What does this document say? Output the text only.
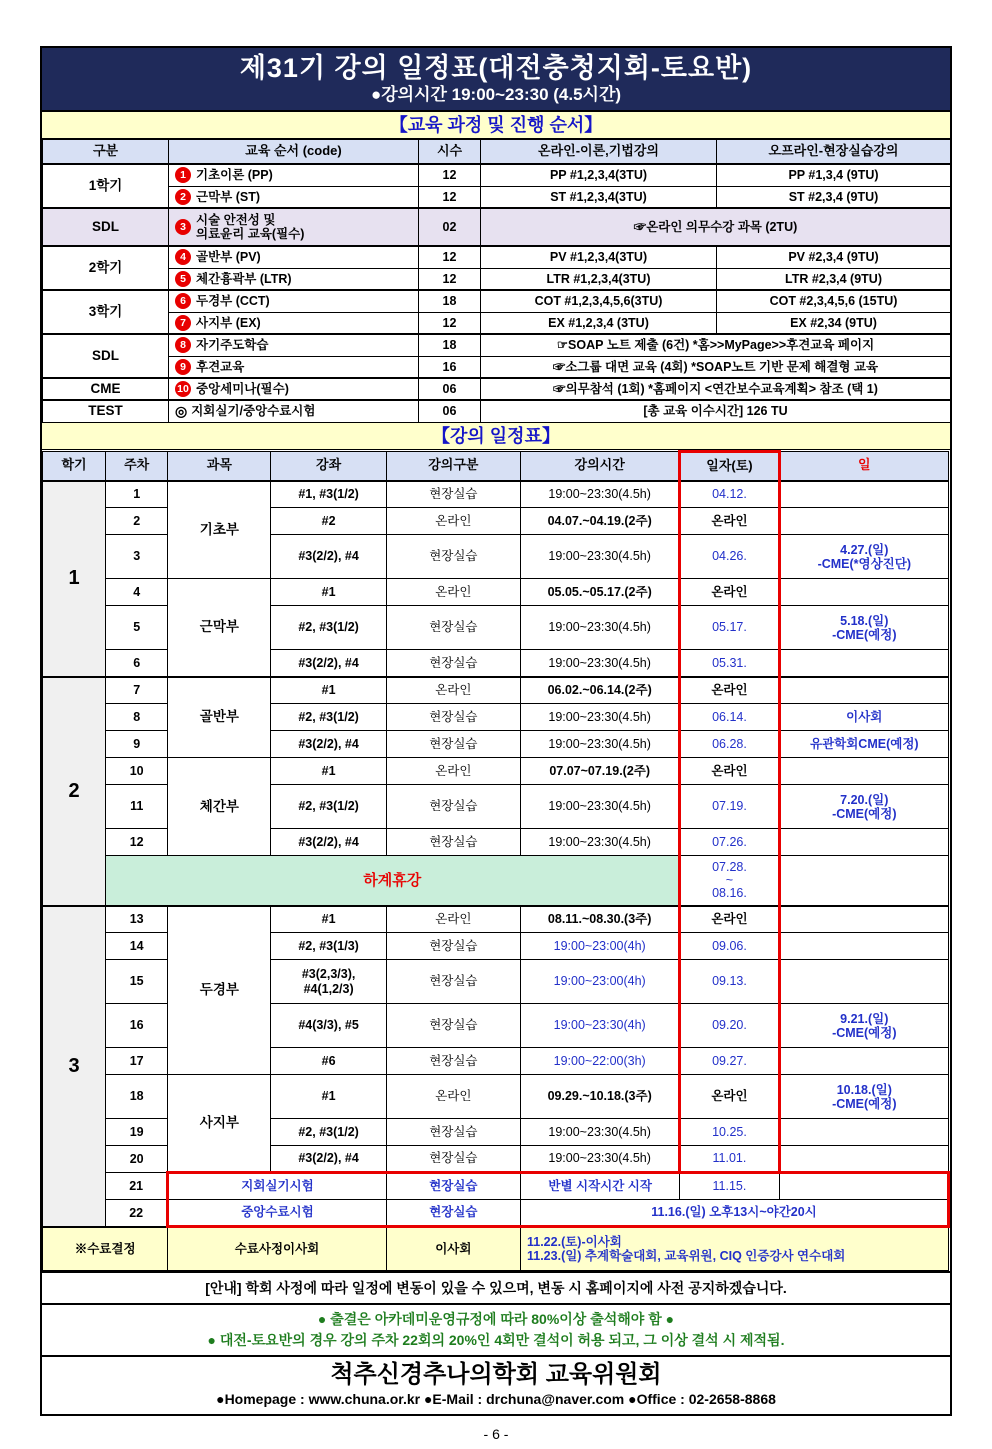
제31기 강의 일정표(대전충청지회-토요반)
●강의시간 19:00~23:30 (4.5시간)
【교육 과정 및 진행 순서】
구분	교육 순서 (code)	시수	온라인-이론,기법강의	오프라인-현장실습강의
1학기	1 기초이론 (PP)	12	PP #1,2,3,4(3TU)	PP #1,3,4 (9TU)
	2 근막부 (ST)	12	ST #1,2,3,4(3TU)	ST #2,3,4 (9TU)
SDL	3시술 안전성 및
의료윤리 교육(필수)	02	☞온라인 의무수강 과목 (2TU)	
2학기	4 골반부 (PV)	12	PV #1,2,3,4(3TU)	PV #2,3,4 (9TU)
	5 체간흉곽부 (LTR)	12	LTR #1,2,3,4(3TU)	LTR #2,3,4 (9TU)
3학기	6 두경부 (CCT)	18	COT #1,2,3,4,5,6(3TU)	COT #2,3,4,5,6 (15TU)
	7 사지부 (EX)	12	EX #1,2,3,4 (3TU)	EX #2,34 (9TU)
SDL	8 자기주도학습	18	☞SOAP 노트 제출 (6건) *홈>>MyPage>>후견교육 페이지	
	9 후견교육	16	☞소그룹 대면 교육 (4회) *SOAP노트 기반 문제 해결형 교육	
CME	10 중앙세미나(필수)	06	☞의무참석 (1회) *홈페이지 <연간보수교육계획> 참조 (택 1)	
TEST	◎ 지회실기/중앙수료시험	06	[총 교육 이수시간] 126 TU	
【강의 일정표】
학기	주차	과목	강좌	강의구분	강의시간	일자(토)	일
1	1	기초부	#1, #3(1/2)	현장실습	19:00~23:30(4.5h)	04.12.	
	2		#2	온라인	04.07.~04.19.(2주)	온라인	
	3		#3(2/2), #4	현장실습	19:00~23:30(4.5h)	04.26.	4.27.(일)
-CME(*영상진단)
	4	근막부	#1	온라인	05.05.~05.17.(2주)	온라인	
	5		#2, #3(1/2)	현장실습	19:00~23:30(4.5h)	05.17.	5.18.(일)
-CME(예정)
	6		#3(2/2), #4	현장실습	19:00~23:30(4.5h)	05.31.	
2	7	골반부	#1	온라인	06.02.~06.14.(2주)	온라인	
	8		#2, #3(1/2)	현장실습	19:00~23:30(4.5h)	06.14.	이사회
	9		#3(2/2), #4	현장실습	19:00~23:30(4.5h)	06.28.	유관학회CME(예정)
	10	체간부	#1	온라인	07.07~07.19.(2주)	온라인	
	11		#2, #3(1/2)	현장실습	19:00~23:30(4.5h)	07.19.	7.20.(일)
-CME(예정)
	12		#3(2/2), #4	현장실습	19:00~23:30(4.5h)	07.26.	
	하계휴강					07.28.
~
08.16.	
3	13	두경부	#1	온라인	08.11.~08.30.(3주)	온라인	
	14		#2, #3(1/3)	현장실습	19:00~23:00(4h)	09.06.	
	15		#3(2,3/3),
#4(1,2/3)	현장실습	19:00~23:00(4h)	09.13.	
	16		#4(3/3), #5	현장실습	19:00~23:30(4h)	09.20.	9.21.(일)
-CME(예정)
	17		#6	현장실습	19:00~22:00(3h)	09.27.	
	18	사지부	#1	온라인	09.29.~10.18.(3주)	온라인	10.18.(일)
-CME(예정)
	19		#2, #3(1/2)	현장실습	19:00~23:30(4.5h)	10.25.	
	20		#3(2/2), #4	현장실습	19:00~23:30(4.5h)	11.01.	
	21	지회실기시험		현장실습	반별 시작시간 시작	11.15.	
	22	중앙수료시험		현장실습	11.16.(일) 오후13시~야간20시		
※수료결정		수료사정이사회		이사회	11.22.(토)-이사회
11.23.(일) 추계학술대회, 교육위원, CIQ 인증강사 연수대회		
[안내] 학회 사정에 따라 일정에 변동이 있을 수 있으며, 변동 시 홈페이지에 사전 공지하겠습니다.
● 출결은 아카데미운영규정에 따라 80%이상 출석해야 함 ●
● 대전-토요반의 경우 강의 주차 22회의 20%인 4회만 결석이 허용 되고, 그 이상 결석 시 제적됨.
척추신경추나의학회 교육위원회
●Homepage : www.chuna.or.kr ●E-Mail : drchuna@naver.com ●Office : 02-2658-8868
- 6 -
